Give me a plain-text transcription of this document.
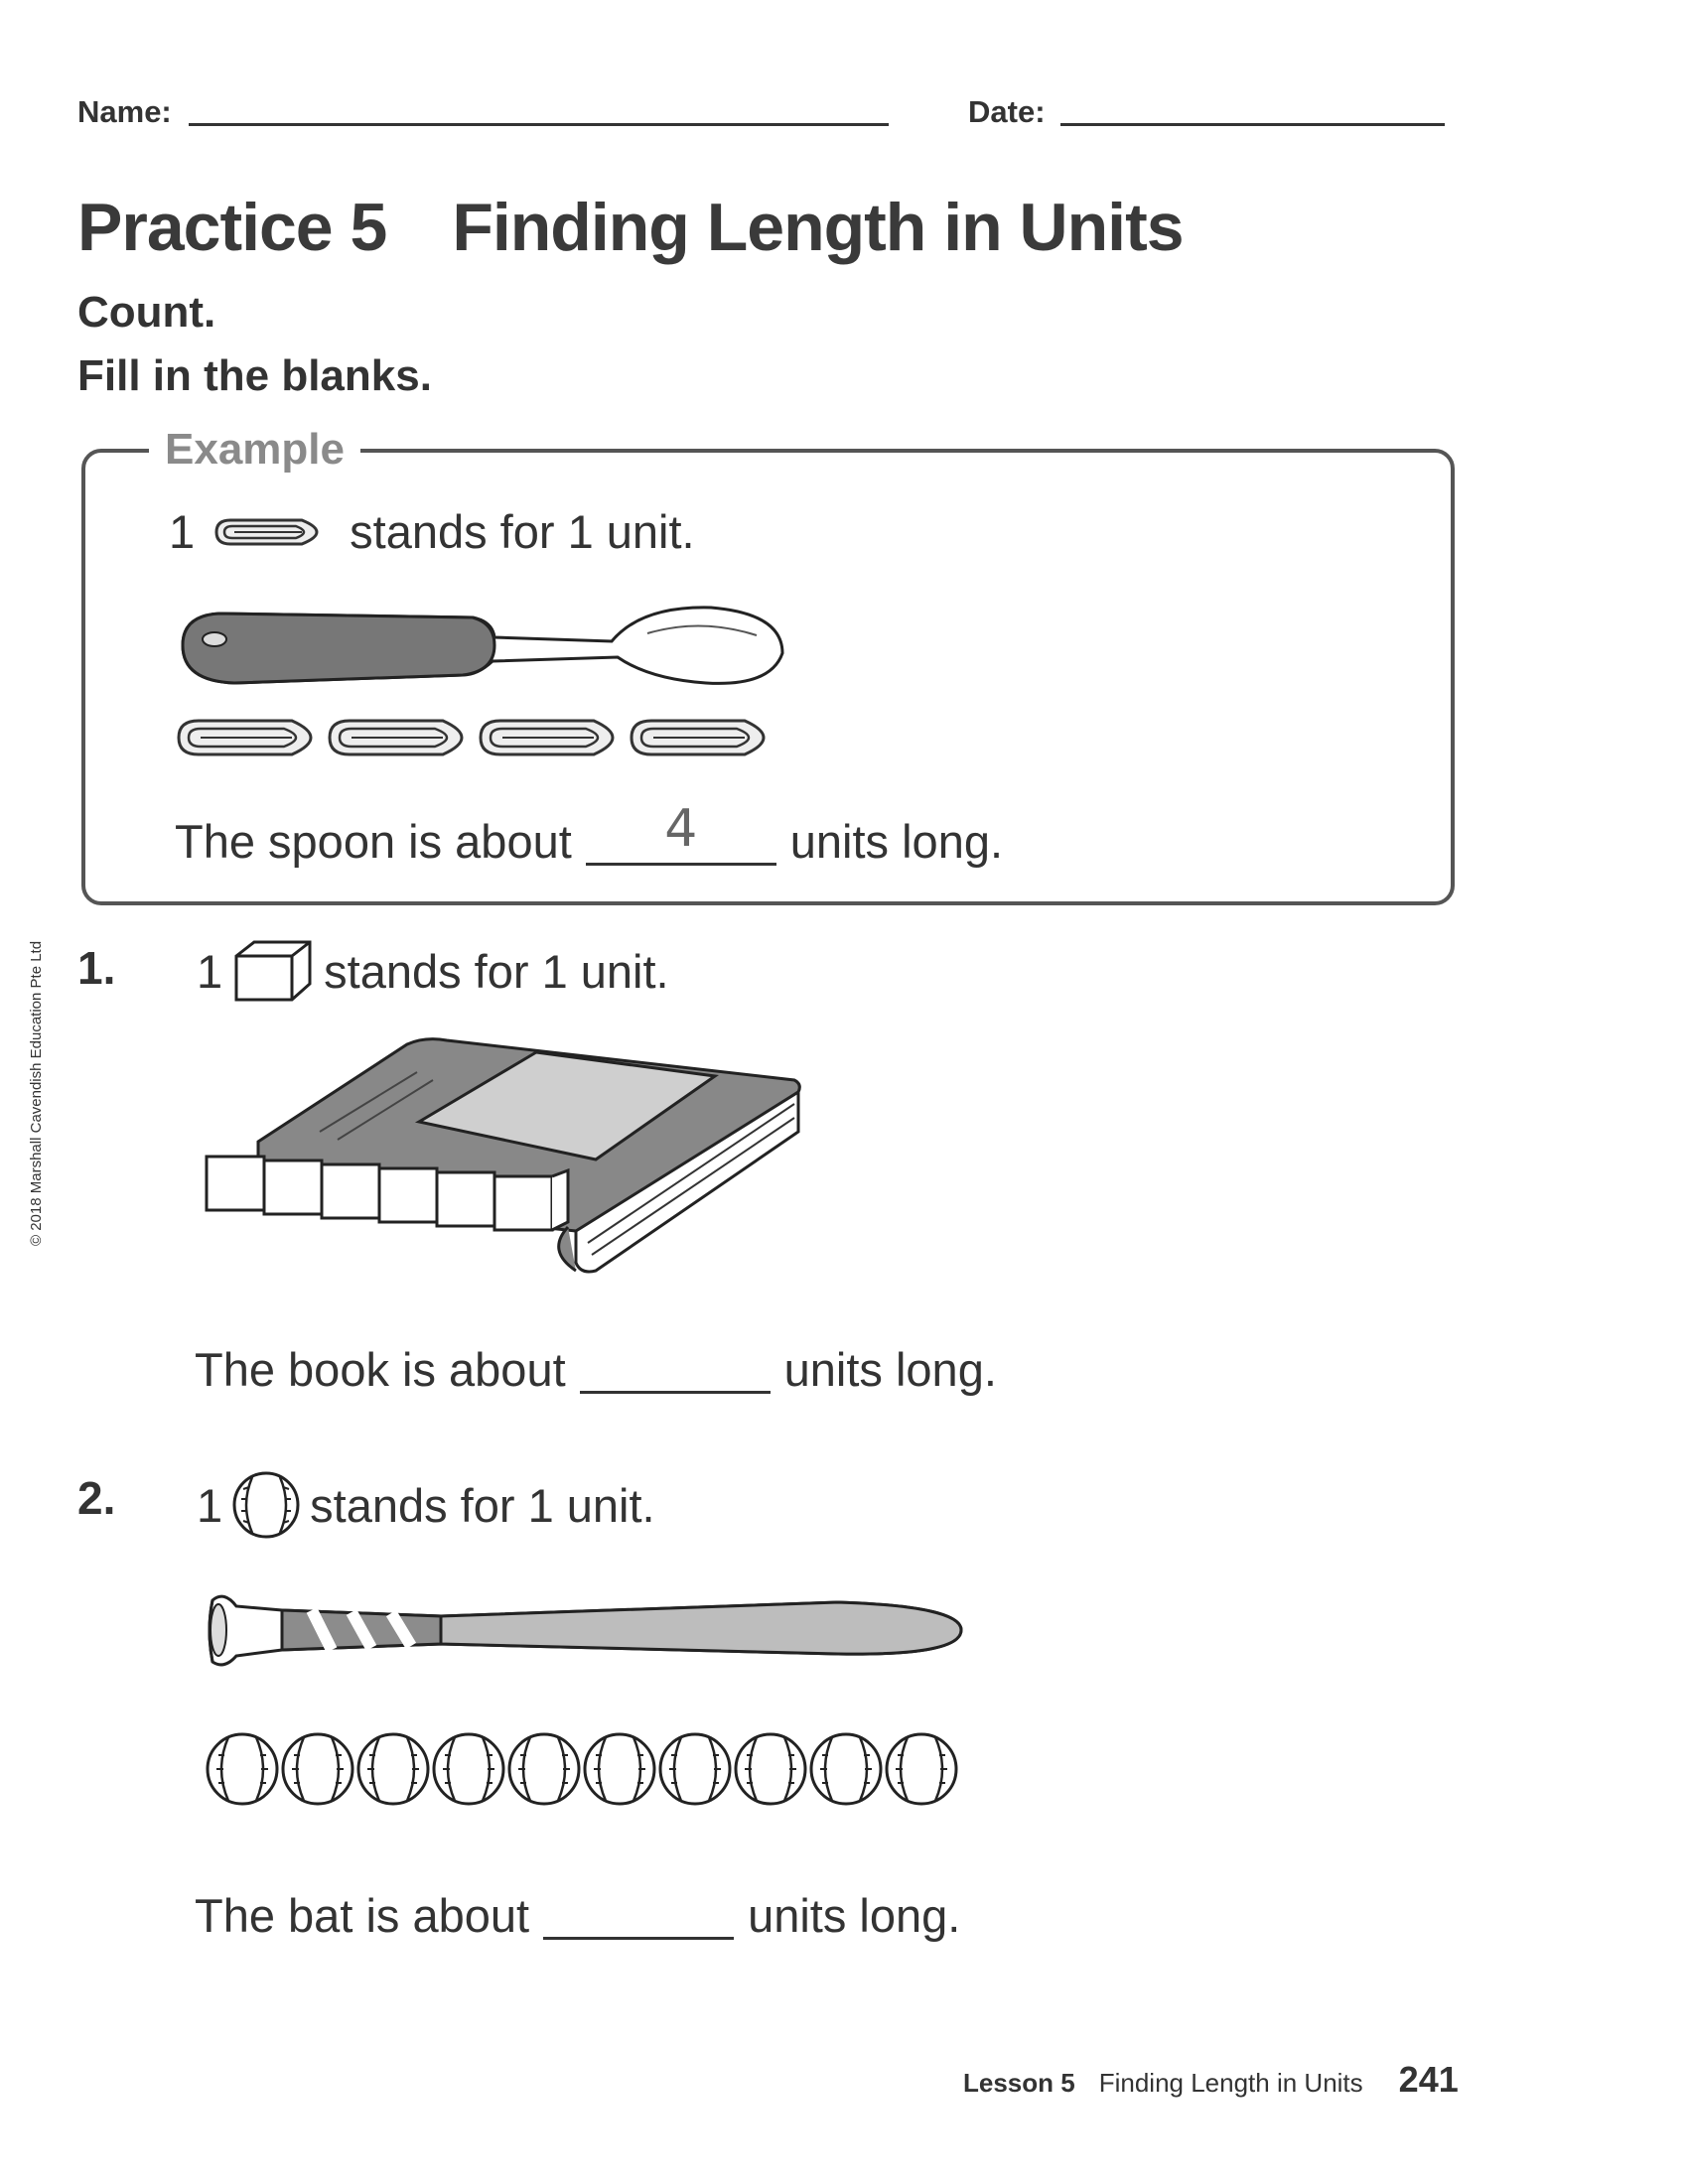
Name:	Date:
Practice 5 Finding Length in Units
Count.
Fill in the blanks.
Example
1	stands for 1 unit.
The spoon is about	4	units long.
© 2018 Marshall Cavendish Education Pte Ltd 1. 1 stands for 1 unit.
The book is about	units long.
2. 1 stands for 1 unit.
The bat is about	units long.
Lesson 5 Finding Length in Units 241
